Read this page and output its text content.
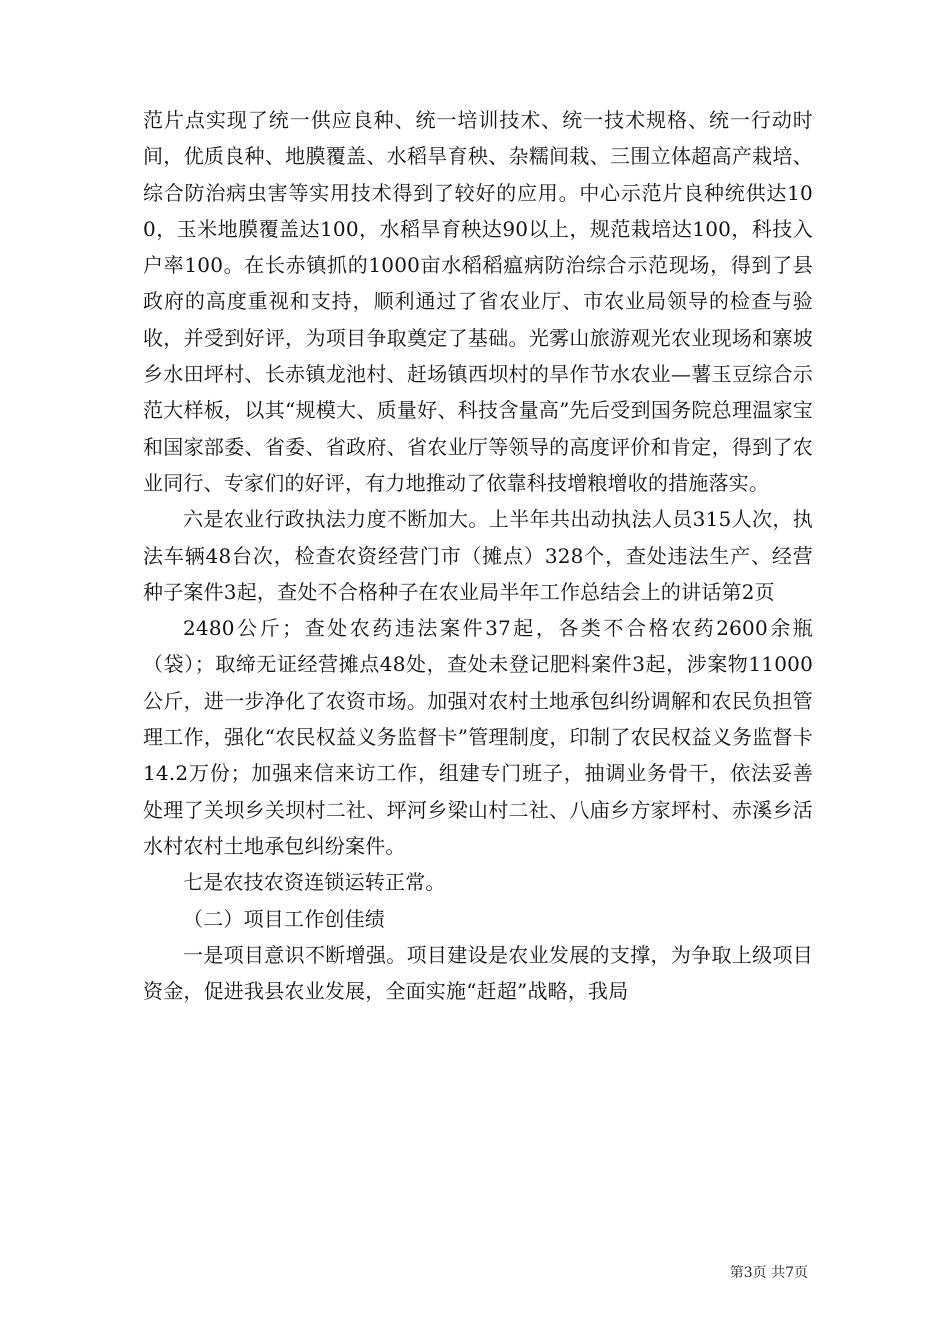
范片点实现了统一供应良种、统一培训技术、统一技术规格、统一行动时间，优质良种、地膜覆盖、水稻旱育秧、杂糯间栽、三围立体超高产栽培、综合防治病虫害等实用技术得到了较好的应用。中心示范片良种统供达100，玉米地膜覆盖达100，水稻旱育秧达90以上，规范栽培达100，科技入户率100。在长赤镇抓的1000亩水稻稻瘟病防治综合示范现场，得到了县政府的高度重视和支持，顺利通过了省农业厅、市农业局领导的检查与验收，并受到好评，为项目争取奠定了基础。光雾山旅游观光农业现场和寨坡乡水田坪村、长赤镇龙池村、赶场镇西坝村的旱作节水农业—薯玉豆综合示范大样板，以其“规模大、质量好、科技含量高”先后受到国务院总理温家宝和国家部委、省委、省政府、省农业厅等领导的高度评价和肯定，得到了农业同行、专家们的好评，有力地推动了依靠科技增粮增收的措施落实。

六是农业行政执法力度不断加大。上半年共出动执法人员315人次，执法车辆48台次，检查农资经营门市（摊点）328个，查处违法生产、经营种子案件3起，查处不合格种子在农业局半年工作总结会上的讲话第2页

2480公斤；查处农药违法案件37起，各类不合格农药2600余瓶（袋）；取缔无证经营摊点48处，查处未登记肥料案件3起，涉案物11000公斤，进一步净化了农资市场。加强对农村土地承包纠纷调解和农民负担管理工作，强化“农民权益义务监督卡”管理制度，印制了农民权益义务监督卡14.2万份；加强来信来访工作，组建专门班子，抽调业务骨干，依法妥善处理了关坝乡关坝村二社、坪河乡梁山村二社、八庙乡方家坪村、赤溪乡活水村农村土地承包纠纷案件。

七是农技农资连锁运转正常。

（二）项目工作创佳绩

一是项目意识不断增强。项目建设是农业发展的支撑，为争取上级项目资金，促进我县农业发展，全面实施“赶超”战略，我局

第3页 共7页
